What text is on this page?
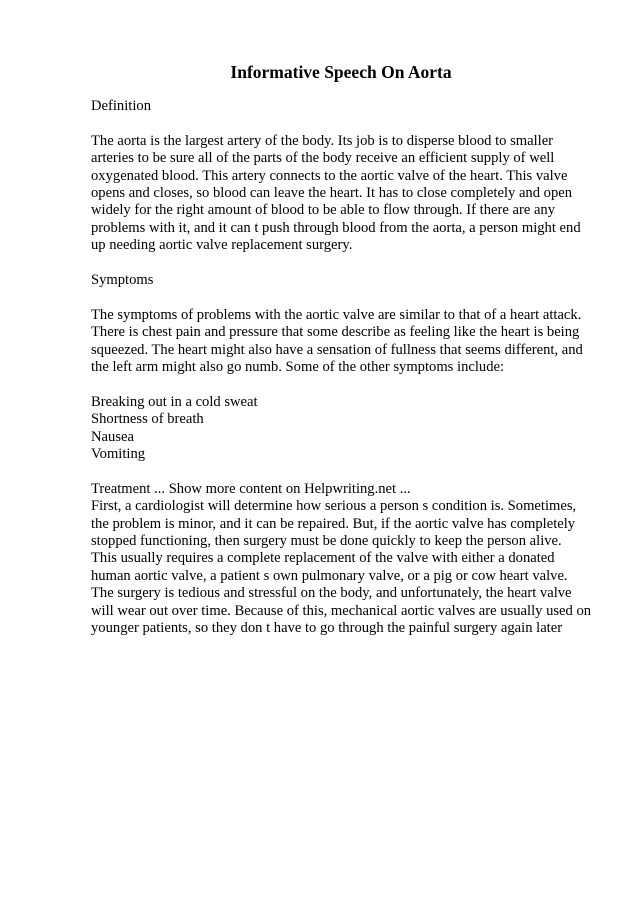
Informative Speech On Aorta

Definition

The aorta is the largest artery of the body. Its job is to disperse blood to smaller
arteries to be sure all of the parts of the body receive an efficient supply of well
oxygenated blood. This artery connects to the aortic valve of the heart. This valve
opens and closes, so blood can leave the heart. It has to close completely and open
widely for the right amount of blood to be able to flow through. If there are any
problems with it, and it can t push through blood from the aorta, a person might end
up needing aortic valve replacement surgery.

Symptoms

The symptoms of problems with the aortic valve are similar to that of a heart attack.
There is chest pain and pressure that some describe as feeling like the heart is being
squeezed. The heart might also have a sensation of fullness that seems different, and
the left arm might also go numb. Some of the other symptoms include:

Breaking out in a cold sweat
Shortness of breath
Nausea
Vomiting

Treatment ... Show more content on Helpwriting.net ...
First, a cardiologist will determine how serious a person s condition is. Sometimes,
the problem is minor, and it can be repaired. But, if the aortic valve has completely
stopped functioning, then surgery must be done quickly to keep the person alive.
This usually requires a complete replacement of the valve with either a donated
human aortic valve, a patient s own pulmonary valve, or a pig or cow heart valve.
The surgery is tedious and stressful on the body, and unfortunately, the heart valve
will wear out over time. Because of this, mechanical aortic valves are usually used on
younger patients, so they don t have to go through the painful surgery again later
